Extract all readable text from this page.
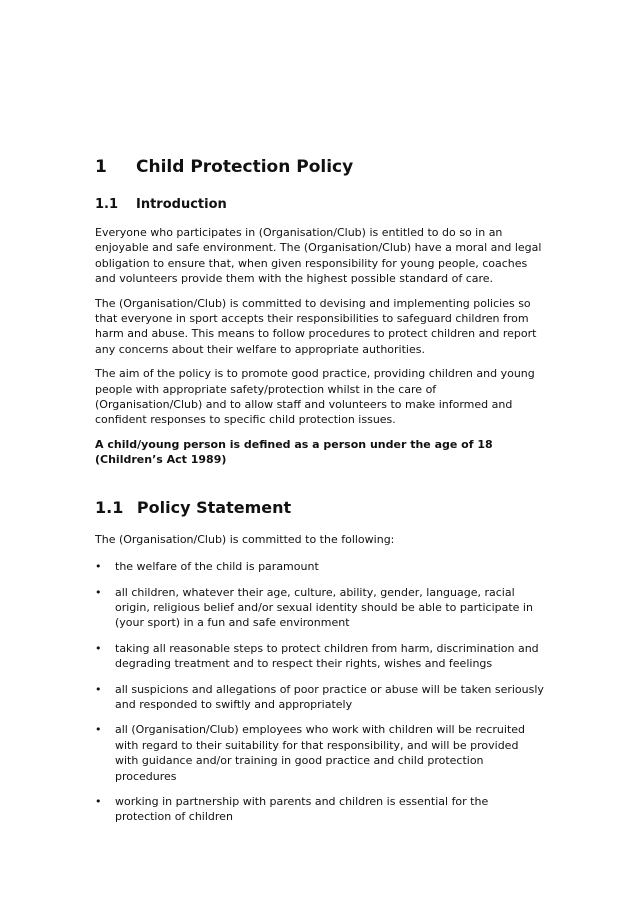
1	Child Protection Policy
1.1	Introduction

Everyone who participates in (Organisation/Club) is entitled to do so in an enjoyable and safe environment. The (Organisation/Club) have a moral and legal obligation to ensure that, when given responsibility for young people, coaches and volunteers provide them with the highest possible standard of care.

The (Organisation/Club) is committed to devising and implementing policies so that everyone in sport accepts their responsibilities to safeguard children from harm and abuse. This means to follow procedures to protect children and report any concerns about their welfare to appropriate authorities.

The aim of the policy is to promote good practice, providing children and young people with appropriate safety/protection whilst in the care of (Organisation/Club) and to allow staff and volunteers to make informed and confident responses to specific child protection issues.

A child/young person is defined as a person under the age of 18 (Children’s Act 1989)

1.1 Policy Statement

The (Organisation/Club) is committed to the following:

•	the welfare of the child is paramount
•	all children, whatever their age, culture, ability, gender, language, racial origin, religious belief and/or sexual identity should be able to participate in (your sport) in a fun and safe environment
•	taking all reasonable steps to protect children from harm, discrimination and degrading treatment and to respect their rights, wishes and feelings
•	all suspicions and allegations of poor practice or abuse will be taken seriously and responded to swiftly and appropriately
•	all (Organisation/Club) employees who work with children will be recruited with regard to their suitability for that responsibility, and will be provided with guidance and/or training in good practice and child protection procedures
•	working in partnership with parents and children is essential for the protection of children
